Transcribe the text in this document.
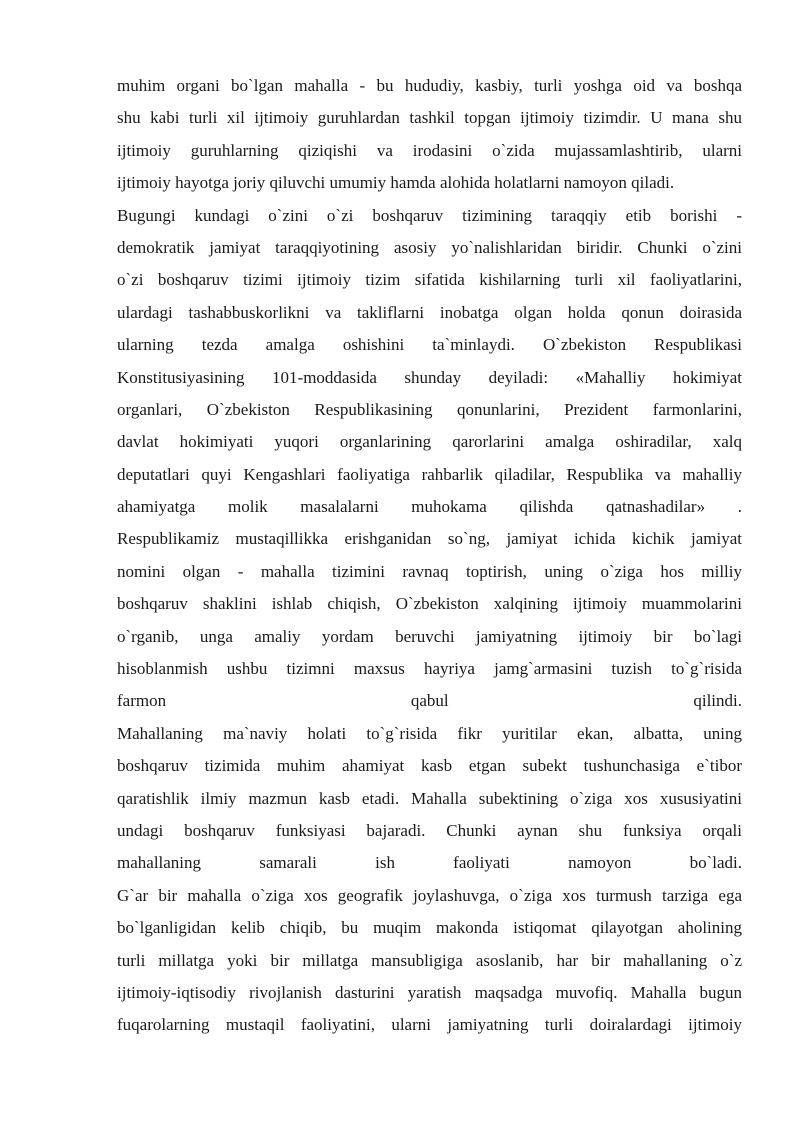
muhim organi bo`lgan mahalla - bu hududiy, kasbiy, turli yoshga oid va boshqa
shu kabi turli xil ijtimoiy guruhlardan tashkil topgan ijtimoiy tizimdir. U mana shu
ijtimoiy guruhlarning qiziqishi va irodasini o`zida mujassamlashtirib, ularni
ijtimoiy hayotga joriy qiluvchi umumiy hamda alohida holatlarni namoyon qiladi.
Bugungi kundagi o`zini o`zi boshqaruv tizimining taraqqiy etib borishi -
demokratik jamiyat taraqqiyotining asosiy yo`nalishlaridan biridir. Chunki o`zini
o`zi boshqaruv tizimi ijtimoiy tizim sifatida kishilarning turli xil faoliyatlarini,
ulardagi tashabbuskorlikni va takliflarni inobatga olgan holda qonun doirasida
ularning tezda amalga oshishini ta`minlaydi. O`zbekiston Respublikasi
Konstitusiyasining 101-moddasida shunday deyiladi: «Mahalliy hokimiyat
organlari, O`zbekiston Respublikasining qonunlarini, Prezident farmonlarini,
davlat hokimiyati yuqori organlarining qarorlarini amalga oshiradilar, xalq
deputatlari quyi Kengashlari faoliyatiga rahbarlik qiladilar, Respublika va mahalliy
ahamiyatga molik masalalarni muhokama qilishda qatnashadilar» .
Respublikamiz mustaqillikka erishganidan so`ng, jamiyat ichida kichik jamiyat
nomini olgan - mahalla tizimini ravnaq toptirish, uning o`ziga hos milliy
boshqaruv shaklini ishlab chiqish, O`zbekiston xalqining ijtimoiy muammolarini
o`rganib, unga amaliy yordam beruvchi jamiyatning ijtimoiy bir bo`lagi
hisoblanmish ushbu tizimni maxsus hayriya jamg`armasini tuzish to`g`risida
farmon qabul qilindi.
Mahallaning ma`naviy holati to`g`risida fikr yuritilar ekan, albatta, uning
boshqaruv tizimida muhim ahamiyat kasb etgan subekt tushunchasiga e`tibor
qaratishlik ilmiy mazmun kasb etadi. Mahalla subektining o`ziga xos xususiyatini
undagi boshqaruv funksiyasi bajaradi. Chunki aynan shu funksiya orqali
mahallaning samarali ish faoliyati namoyon bo`ladi.
G`ar bir mahalla o`ziga xos geografik joylashuvga, o`ziga xos turmush tarziga ega
bo`lganligidan kelib chiqib, bu muqim makonda istiqomat qilayotgan aholining
turli millatga yoki bir millatga mansubligiga asoslanib, har bir mahallaning o`z
ijtimoiy-iqtisodiy rivojlanish dasturini yaratish maqsadga muvofiq. Mahalla bugun
fuqarolarning mustaqil faoliyatini, ularni jamiyatning turli doiralardagi ijtimoiy
